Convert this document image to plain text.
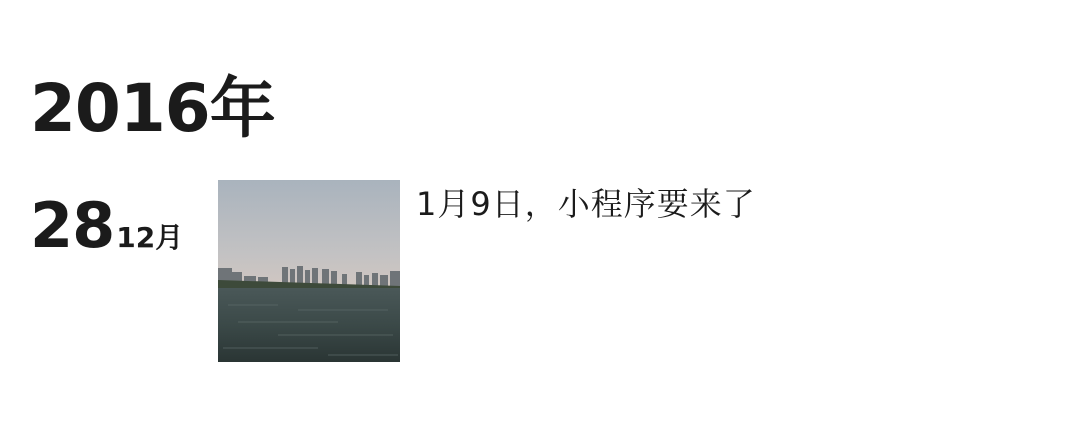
2016年
2812月
1月9日，小程序要来了
